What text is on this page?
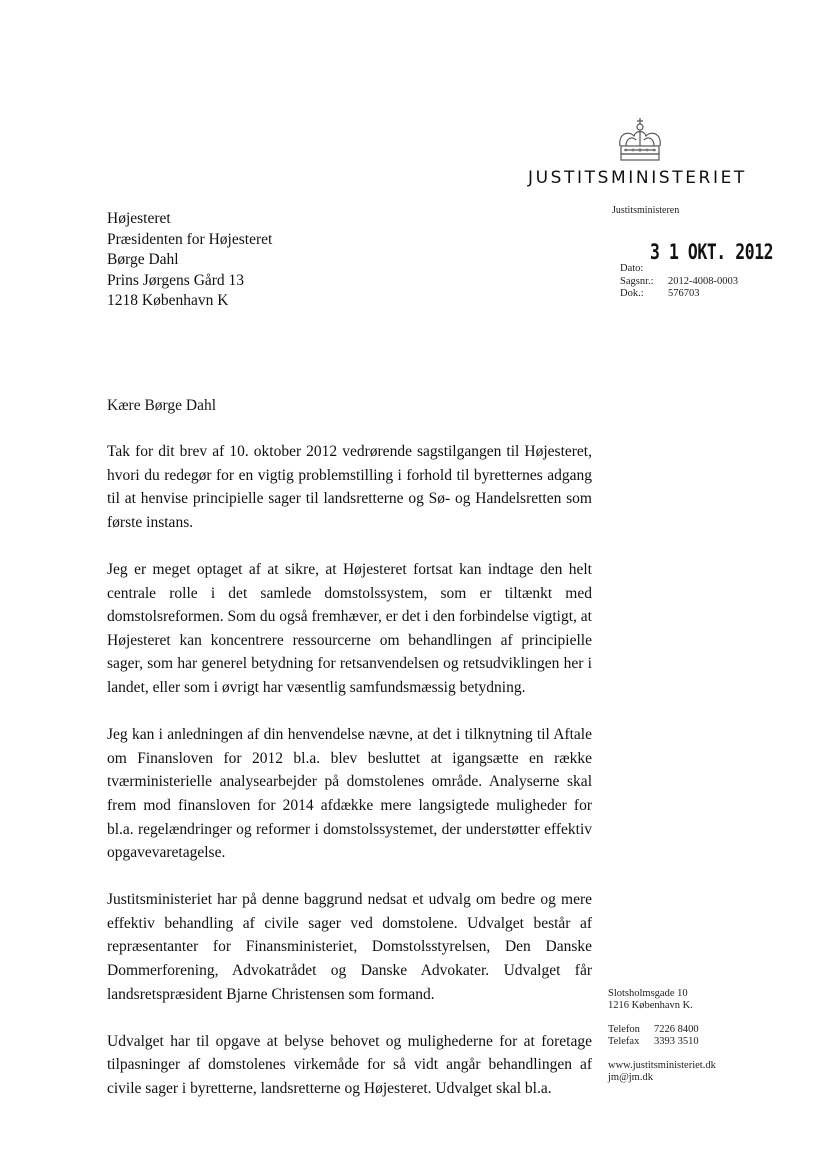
JUSTITSMINISTERIET
Justitsministeren
Højesteret
Præsidenten for Højesteret
Børge Dahl
Prins Jørgens Gård 13
1218 København K
3 1 OKT. 2012
Dato:
Sagsnr.:	2012-4008-0003
Dok.:	576703
Kære Børge Dahl

Tak for dit brev af 10. oktober 2012 vedrørende sagstilgangen til Højesteret, hvori du redegør for en vigtig problemstilling i forhold til byretternes adgang til at henvise principielle sager til landsretterne og Sø- og Handelsretten som første instans.

Jeg er meget optaget af at sikre, at Højesteret fortsat kan indtage den helt centrale rolle i det samlede domstolssystem, som er tiltænkt med domstolsreformen. Som du også fremhæver, er det i den forbindelse vigtigt, at Højesteret kan koncentrere ressourcerne om behandlingen af principielle sager, som har generel betydning for retsanvendelsen og retsudviklingen her i landet, eller som i øvrigt har væsentlig samfundsmæssig betydning.

Jeg kan i anledningen af din henvendelse nævne, at det i tilknytning til Aftale om Finansloven for 2012 bl.a. blev besluttet at igangsætte en række tværministerielle analysearbejder på domstolenes område. Analyserne skal frem mod finansloven for 2014 afdække mere langsigtede muligheder for bl.a. regelændringer og reformer i domstolssystemet, der understøtter effektiv opgavevaretagelse.

Justitsministeriet har på denne baggrund nedsat et udvalg om bedre og mere effektiv behandling af civile sager ved domstolene. Udvalget består af repræsentanter for Finansministeriet, Domstolsstyrelsen, Den Danske Dommerforening, Advokatrådet og Danske Advokater. Udvalget får landsretspræsident Bjarne Christensen som formand.

Udvalget har til opgave at belyse behovet og mulighederne for at foretage tilpasninger af domstolenes virkemåde for så vidt angår behandlingen af civile sager i byretterne, landsretterne og Højesteret. Udvalget skal bl.a.

Slotsholmsgade 10
1216 København K.
Telefon	7226 8400
Telefax	3393 3510
www.justitsministeriet.dk
jm@jm.dk
